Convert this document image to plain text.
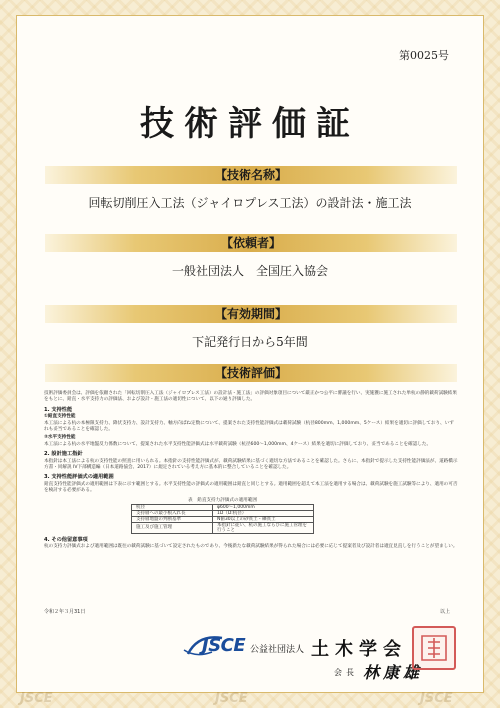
第0025号
技術評価証
【技術名称】
回転切削圧入工法（ジャイロプレス工法）の設計法・施工法
【依頼者】
一般社団法人　全国圧入協会
【有効期間】
下記発行日から5年間
【技術評価】

技術評価委員会は、評価を依頼された「回転切削圧入工法（ジャイロプレス工法）の設計法・施工法」の評価対象項目について厳正かつ公平に審議を行い、実施獲に施工された単杭の静的載荷試験結果をもとに、鉛直・水平支持力の評価法、および設計・施工法の適切性について、以下の通り評価した。

1. 支持性能

①鉛直支持性能

本工法による杭の本極限支持力、降伏支持力、設計支持力、軸方向ばね定数について、提案された支持性能評価式は載荷試験（杭径800mm、1,000mm、5ケース）結果を適切に評価しており、いずれも妥当であることを確認した。

②水平支持性能

本工法による杭の水平地盤反力係数について、提案された水平支持性能評価式は水平載荷試験（杭径600〜1,000mm、4ケース）結果を適切に評価しており、妥当であることを確認した。

2. 設計施工指針

本指針は本工法による杭の支持性能の照査に用いられる。本指針の支持性能評価式が、載荷試験結果に基づく適切な方法であることを確認した。さらに、本指針で提示した支持性能評価法が、道路橋示方書・同解説 IV下部構造編（日本道路協会、2017）に規定されている考え方に基本的に整合していることを確認した。

3. 支持性能評価式の適用範囲

鉛直支持性能評価式の適用範囲は下表に示す範囲とする。水平支持性能の評価式の適用範囲は鉛直と同じとする。適用範囲を超えて本工法を適用する場合は、載荷試験を施工試験等により、適用の可否を検討する必要がある。

表　鉛直支持力評価式の適用範囲
杭径	φ600〜1,000mm
支持層への最小根入れ長	1D（D:杭径）
支持層地盤の判断基準	N値30以上の砂質土・礫質土
施工及び施工管理	本指針に従い、杭の施工ならびに施工管理を行うこと
4. その他留意事項

杭の支持力評価式および適用範囲は既往の載荷試験に基づいて設定されたものであり、今後新たな載荷試験結果が得られた場合には必要に応じて提案者及び設計者は適宜見直しを行うことが望ましい。

令和２年３月31日	以上
JSCE 公益社団法人 土木学会
会長 林康雄
JSCE	JSCE	JSCE
